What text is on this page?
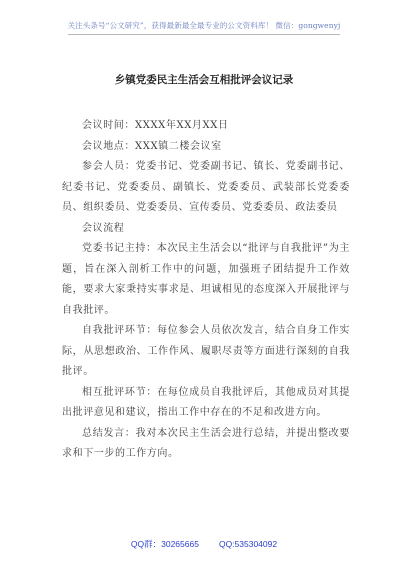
关注头条号“公文研究”，获得最新最全最专业的公文资料库！ 微信：gongwenyj
乡镇党委民主生活会互相批评会议记录

会议时间：XXXX年XX月XX日

会议地点：XXX镇二楼会议室

参会人员：党委书记、党委副书记、镇长、党委副书记、纪委书记、党委委员、副镇长、党委委员、武装部长党委委员、组织委员、党委委员、宣传委员、党委委员、政法委员

会议流程

党委书记主持：本次民主生活会以“批评与自我批评”为主题，旨在深入剖析工作中的问题，加强班子团结提升工作效能，要求大家秉持实事求是、坦诚相见的态度深入开展批评与自我批评。

自我批评环节：每位参会人员依次发言，结合自身工作实际，从思想政治、工作作风、履职尽责等方面进行深刻的自我批评。

相互批评环节：在每位成员自我批评后，其他成员对其提出批评意见和建议，指出工作中存在的不足和改进方向。

总结发言：我对本次民主生活会进行总结，并提出整改要求和下一步的工作方向。

QQ群：30265665 QQ:535304092
